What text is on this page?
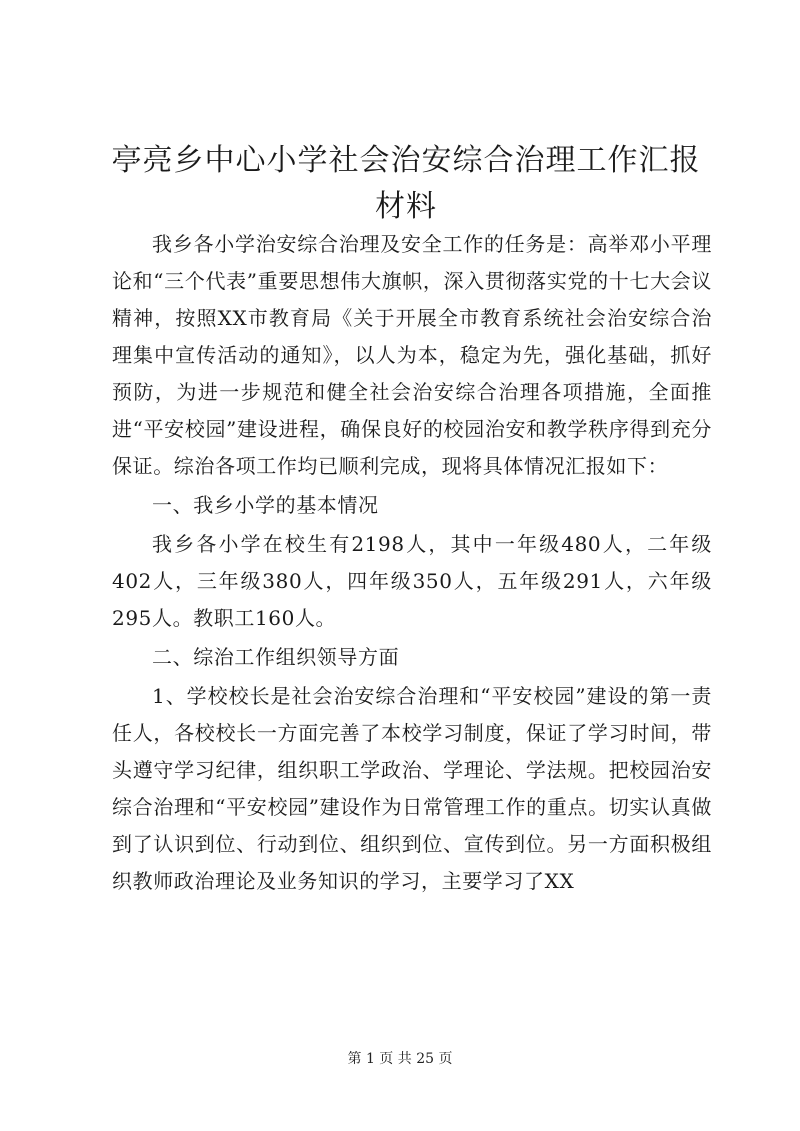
亭亮乡中心小学社会治安综合治理工作汇报材料

我乡各小学治安综合治理及安全工作的任务是：高举邓小平理论和“三个代表”重要思想伟大旗帜，深入贯彻落实党的十七大会议精神，按照XX市教育局《关于开展全市教育系统社会治安综合治理集中宣传活动的通知》，以人为本，稳定为先，强化基础，抓好预防，为进一步规范和健全社会治安综合治理各项措施，全面推进“平安校园”建设进程，确保良好的校园治安和教学秩序得到充分保证。综治各项工作均已顺利完成，现将具体情况汇报如下：

一、我乡小学的基本情况

我乡各小学在校生有2198人，其中一年级480人，二年级402人，三年级380人，四年级350人，五年级291人，六年级295人。教职工160人。

二、综治工作组织领导方面

1、学校校长是社会治安综合治理和“平安校园”建设的第一责任人，各校校长一方面完善了本校学习制度，保证了学习时间，带头遵守学习纪律，组织职工学政治、学理论、学法规。把校园治安综合治理和“平安校园”建设作为日常管理工作的重点。切实认真做到了认识到位、行动到位、组织到位、宣传到位。另一方面积极组织教师政治理论及业务知识的学习，主要学习了XX

第 1 页 共 25 页
